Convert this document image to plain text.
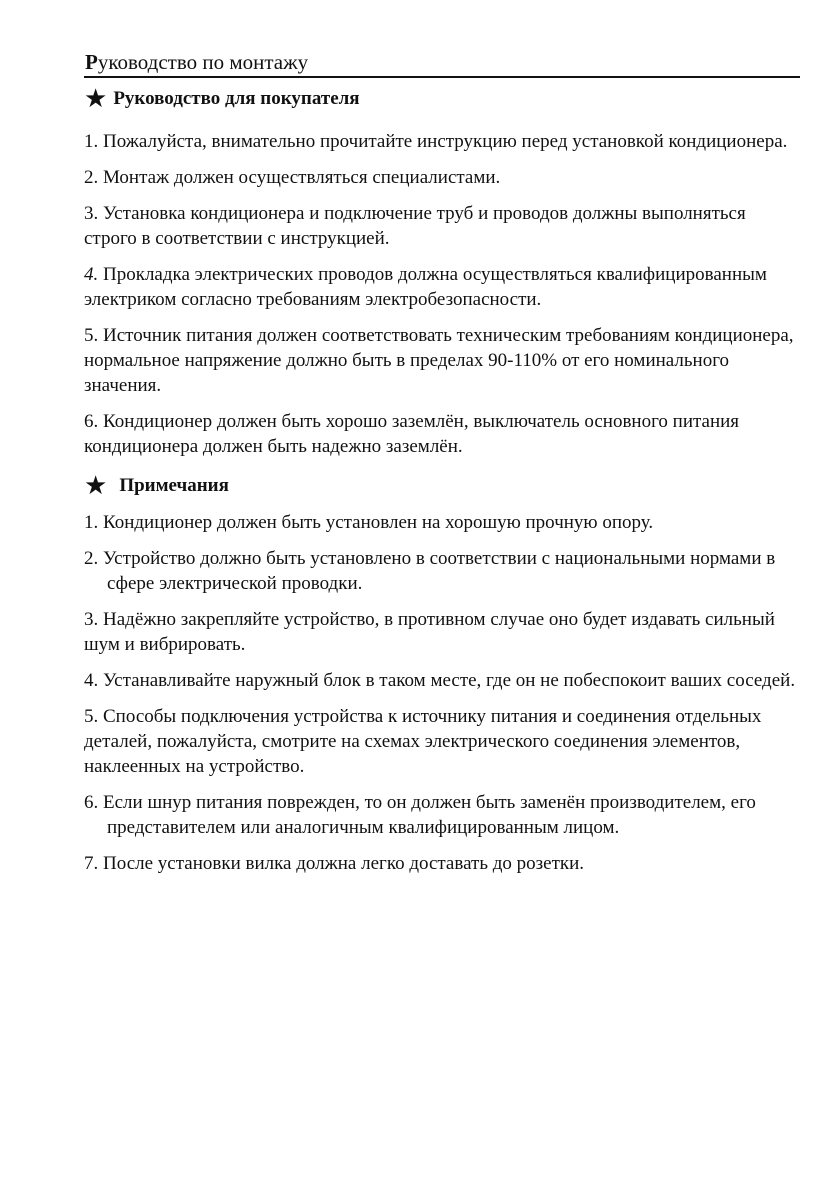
Руководство по монтажу
★ Руководство для покупателя

1. Пожалуйста, внимательно прочитайте инструкцию перед установкой кондиционера.

2. Монтаж должен осуществляться специалистами.

3. Установка кондиционера и подключение труб и проводов должны выполняться строго в соответствии с инструкцией.

4. Прокладка электрических проводов должна осуществляться квалифицированным электриком согласно требованиям электробезопасности.

5. Источник питания должен соответствовать техническим требованиям кондиционера, нормальное напряжение должно быть в пределах 90-110% от его номинального значения.

6. Кондиционер должен быть хорошо заземлён, выключатель основного питания кондиционера должен быть надежно заземлён.

★ Примечания

1. Кондиционер должен быть установлен на хорошую прочную опору.

2. Устройство должно быть установлено в соответствии с национальными нормами в сфере электрической проводки.

3. Надёжно закрепляйте устройство, в противном случае оно будет издавать сильный шум и вибрировать.

4. Устанавливайте наружный блок в таком месте, где он не побеспокоит ваших соседей.

5. Способы подключения устройства к источнику питания и соединения отдельных деталей, пожалуйста, смотрите на схемах электрического соединения элементов, наклеенных на устройство.

6. Если шнур питания поврежден, то он должен быть заменён производителем, его представителем или аналогичным квалифицированным лицом.

7. После установки вилка должна легко доставать до розетки.
